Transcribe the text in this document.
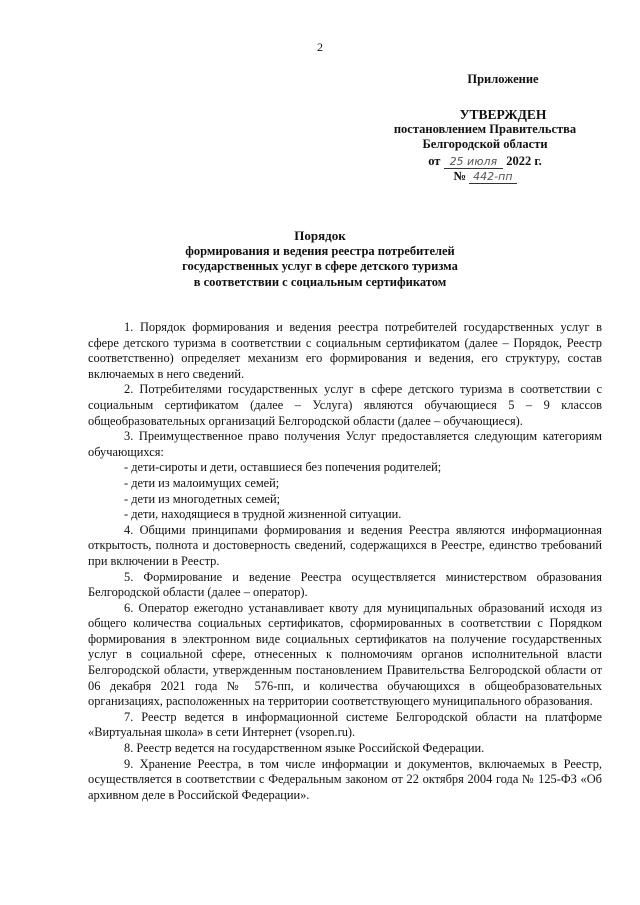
2
Приложение
УТВЕРЖДЕН
постановлением Правительства
Белгородской области
от 25 июля 2022 г.
№ 442-пп
Порядок
формирования и ведения реестра потребителей
государственных услуг в сфере детского туризма
в соответствии с социальным сертификатом

1. Порядок формирования и ведения реестра потребителей государственных услуг в сфере детского туризма в соответствии с социальным сертификатом (далее – Порядок, Реестр соответственно) определяет механизм его формирования и ведения, его структуру, состав включаемых в него сведений.

2. Потребителями государственных услуг в сфере детского туризма в соответствии с социальным сертификатом (далее – Услуга) являются обучающиеся 5 – 9 классов общеобразовательных организаций Белгородской области (далее – обучающиеся).

3. Преимущественное право получения Услуг предоставляется следующим категориям обучающихся:

- дети-сироты и дети, оставшиеся без попечения родителей;

- дети из малоимущих семей;

- дети из многодетных семей;

- дети, находящиеся в трудной жизненной ситуации.

4. Общими принципами формирования и ведения Реестра являются информационная открытость, полнота и достоверность сведений, содержащихся в Реестре, единство требований при включении в Реестр.

5. Формирование и ведение Реестра осуществляется министерством образования Белгородской области (далее – оператор).

6. Оператор ежегодно устанавливает квоту для муниципальных образований исходя из общего количества социальных сертификатов, сформированных в соответствии с Порядком формирования в электронном виде социальных сертификатов на получение государственных услуг в социальной сфере, отнесенных к полномочиям органов исполнительной власти Белгородской области, утвержденным постановлением Правительства Белгородской области от 06 декабря 2021 года № 576-пп, и количества обучающихся в общеобразовательных организациях, расположенных на территории соответствующего муниципального образования.

7. Реестр ведется в информационной системе Белгородской области на платформе «Виртуальная школа» в сети Интернет (vsopen.ru).

8. Реестр ведется на государственном языке Российской Федерации.

9. Хранение Реестра, в том числе информации и документов, включаемых в Реестр, осуществляется в соответствии с Федеральным законом от 22 октября 2004 года № 125-ФЗ «Об архивном деле в Российской Федерации».
